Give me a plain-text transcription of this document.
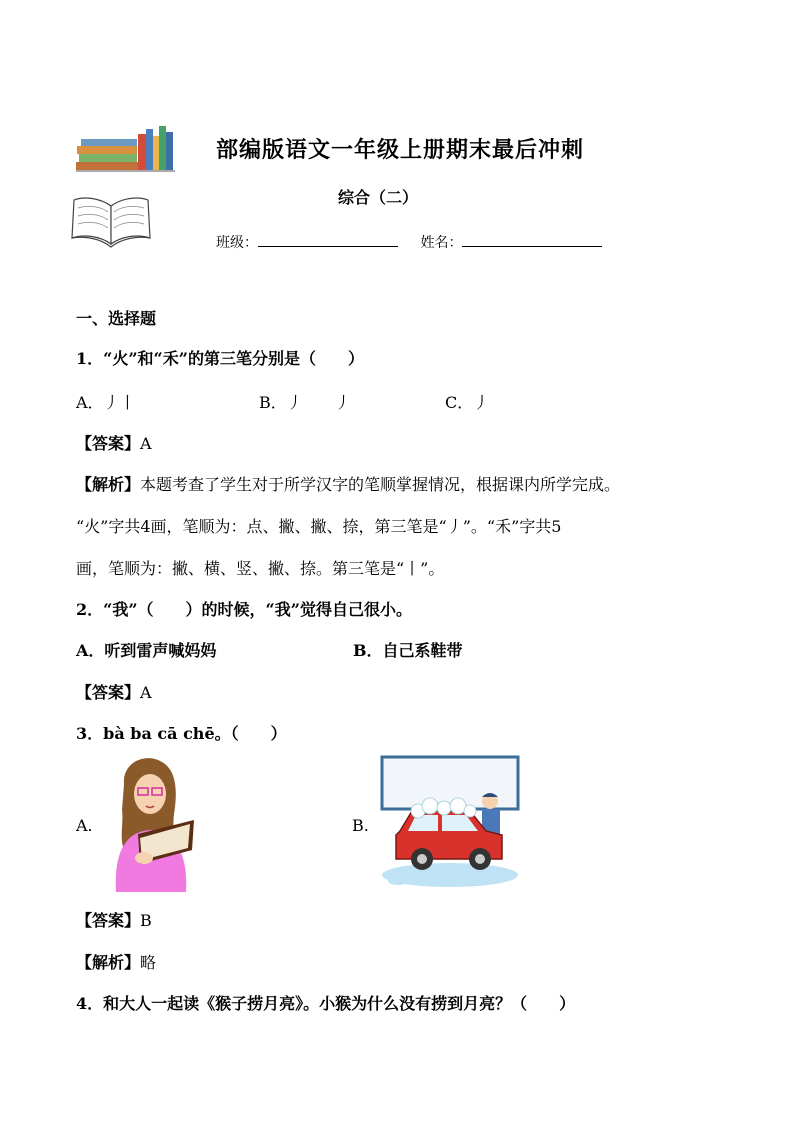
部编版语文一年级上册期末最后冲刺
综合（二）
班级：	姓名：
一、选择题
1．“火”和“禾”的第三笔分别是（　　）
A．丿丨	B．丿　　丿	C．丿
【答案】A
【解析】本题考查了学生对于所学汉字的笔顺掌握情况，根据课内所学完成。
“火”字共4画，笔顺为：点、撇、撇、捺，第三笔是“丿”。“禾”字共5
画，笔顺为：撇、横、竖、撇、捺。第三笔是“丨”。
2．“我”（　　）的时候，“我”觉得自己很小。
A．听到雷声喊妈妈	B．自己系鞋带
【答案】A
3．bà ba cā chē。（　　）
A.	B.
【答案】B
【解析】略
4．和大人一起读《猴子捞月亮》。小猴为什么没有捞到月亮？（　　）
